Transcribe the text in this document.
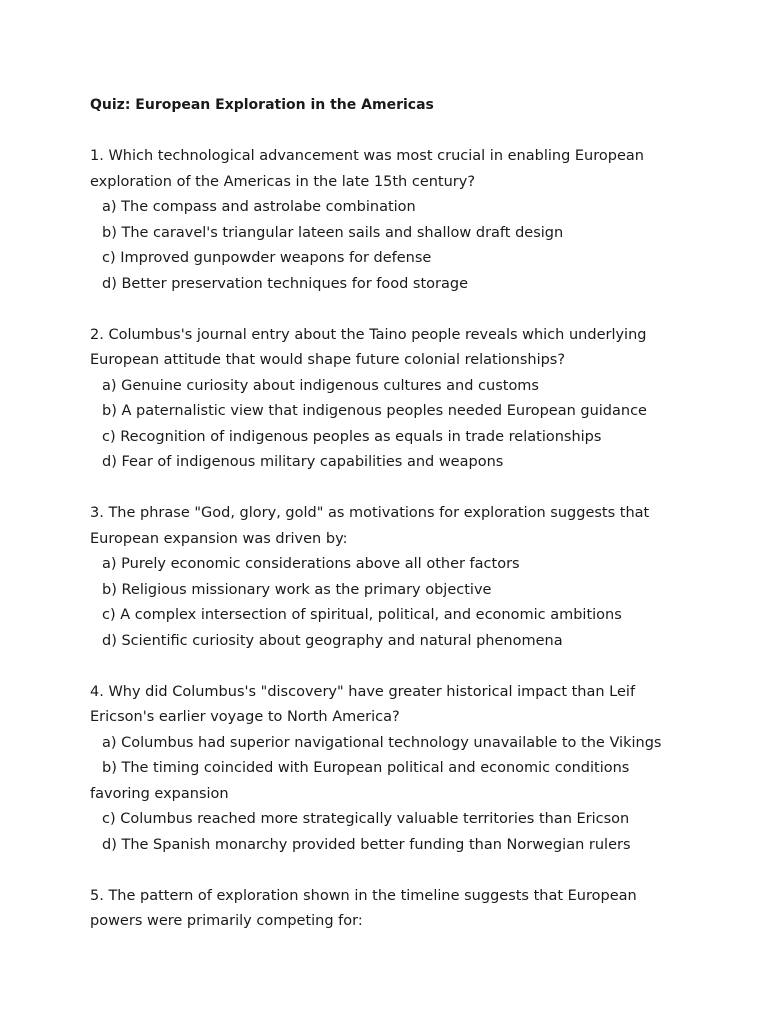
Quiz: European Exploration in the Americas
1. Which technological advancement was most crucial in enabling European
exploration of the Americas in the late 15th century?
a) The compass and astrolabe combination
b) The caravel's triangular lateen sails and shallow draft design
c) Improved gunpowder weapons for defense
d) Better preservation techniques for food storage
2. Columbus's journal entry about the Taino people reveals which underlying
European attitude that would shape future colonial relationships?
a) Genuine curiosity about indigenous cultures and customs
b) A paternalistic view that indigenous peoples needed European guidance
c) Recognition of indigenous peoples as equals in trade relationships
d) Fear of indigenous military capabilities and weapons
3. The phrase "God, glory, gold" as motivations for exploration suggests that
European expansion was driven by:
a) Purely economic considerations above all other factors
b) Religious missionary work as the primary objective
c) A complex intersection of spiritual, political, and economic ambitions
d) Scientific curiosity about geography and natural phenomena
4. Why did Columbus's "discovery" have greater historical impact than Leif
Ericson's earlier voyage to North America?
a) Columbus had superior navigational technology unavailable to the Vikings
b) The timing coincided with European political and economic conditions
favoring expansion
c) Columbus reached more strategically valuable territories than Ericson
d) The Spanish monarchy provided better funding than Norwegian rulers
5. The pattern of exploration shown in the timeline suggests that European
powers were primarily competing for:
